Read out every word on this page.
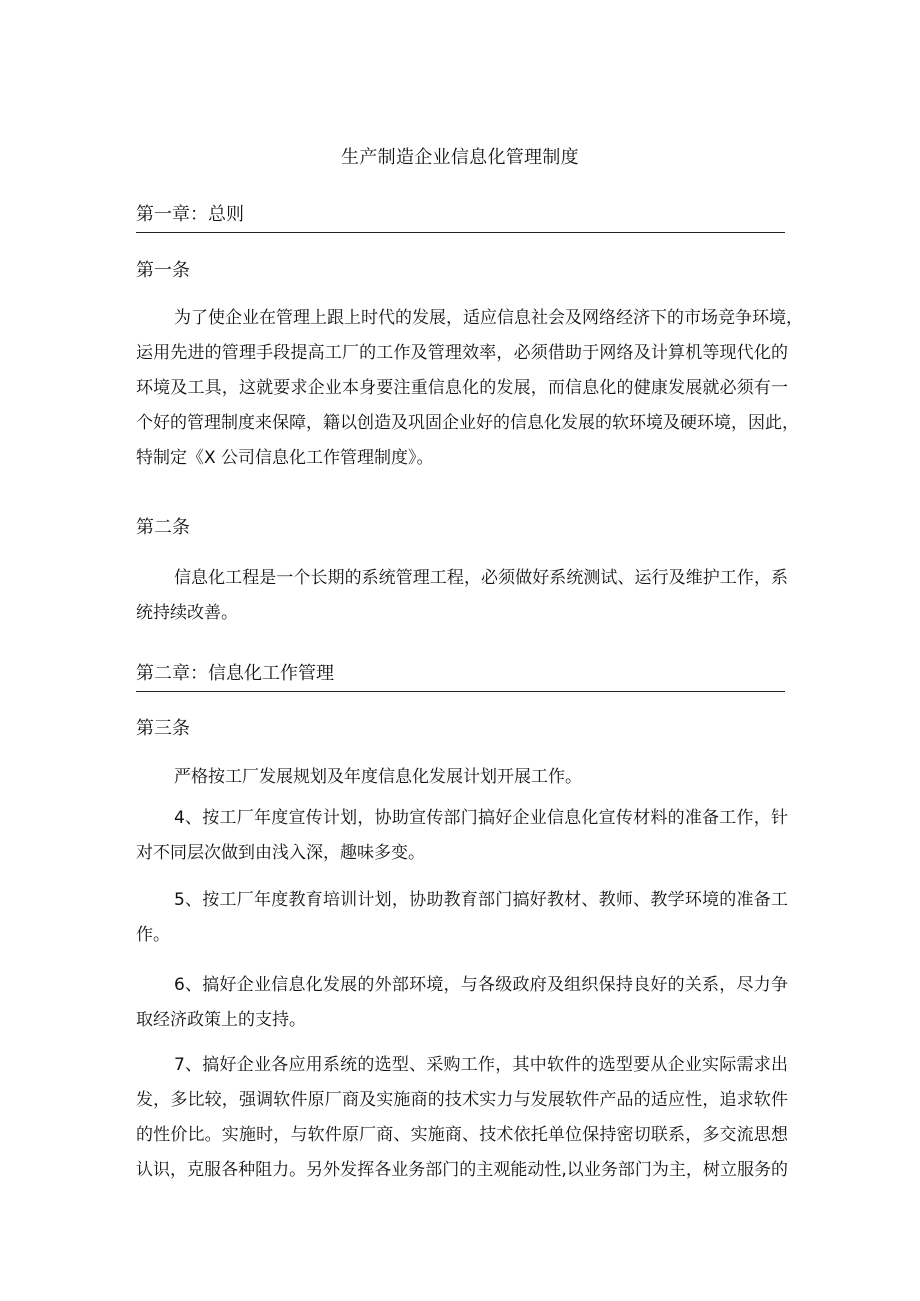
生产制造企业信息化管理制度
第一章：总则
第一条
为了使企业在管理上跟上时代的发展，适应信息社会及网络经济下的市场竞争环境，
运用先进的管理手段提高工厂的工作及管理效率，必须借助于网络及计算机等现代化的
环境及工具，这就要求企业本身要注重信息化的发展，而信息化的健康发展就必须有一
个好的管理制度来保障，籍以创造及巩固企业好的信息化发展的软环境及硬环境，因此，
特制定《X 公司信息化工作管理制度》。
第二条
信息化工程是一个长期的系统管理工程，必须做好系统测试、运行及维护工作，系
统持续改善。
第二章：信息化工作管理
第三条
严格按工厂发展规划及年度信息化发展计划开展工作。
4、按工厂年度宣传计划，协助宣传部门搞好企业信息化宣传材料的准备工作，针
对不同层次做到由浅入深，趣味多变。
5、按工厂年度教育培训计划，协助教育部门搞好教材、教师、教学环境的准备工
作。
6、搞好企业信息化发展的外部环境，与各级政府及组织保持良好的关系，尽力争
取经济政策上的支持。
7、搞好企业各应用系统的选型、采购工作，其中软件的选型要从企业实际需求出
发，多比较，强调软件原厂商及实施商的技术实力与发展软件产品的适应性，追求软件
的性价比。实施时，与软件原厂商、实施商、技术依托单位保持密切联系，多交流思想
认识，克服各种阻力。另外发挥各业务部门的主观能动性,以业务部门为主，树立服务的
